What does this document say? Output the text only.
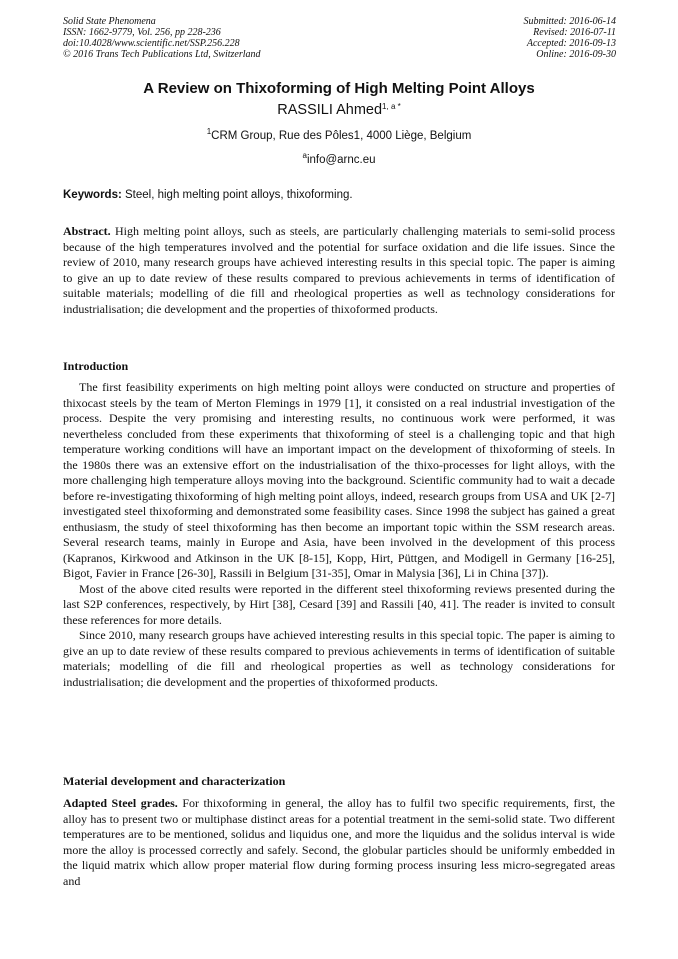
Solid State Phenomena
ISSN: 1662-9779, Vol. 256, pp 228-236
doi:10.4028/www.scientific.net/SSP.256.228
© 2016 Trans Tech Publications Ltd, Switzerland
Submitted: 2016-06-14
Revised: 2016-07-11
Accepted: 2016-09-13
Online: 2016-09-30
A Review on Thixoforming of High Melting Point Alloys
RASSILI Ahmed$^{1, a *}$
$^1$CRM Group, Rue des Pôles1, 4000 Liège, Belgium
$^a$info@arnc.eu
Keywords: Steel, high melting point alloys, thixoforming.

Abstract. High melting point alloys, such as steels, are particularly challenging materials to semi-solid process because of the high temperatures involved and the potential for surface oxidation and die life issues. Since the review of 2010, many research groups have achieved interesting results in this special topic. The paper is aiming to give an up to date review of these results compared to previous achievements in terms of identification of suitable materials; modelling of die fill and rheological properties as well as technology considerations for industrialisation; die development and the properties of thixoformed products.

Introduction

The first feasibility experiments on high melting point alloys were conducted on structure and properties of thixocast steels by the team of Merton Flemings in 1979 [1], it consisted on a real industrial investigation of the process. Despite the very promising and interesting results, no continuous work were performed, it was nevertheless concluded from these experiments that thixoforming of steel is a challenging topic and that high temperature working conditions will have an important impact on the development of thixoforming of steels. In the 1980s there was an extensive effort on the industrialisation of the thixo-processes for light alloys, with the more challenging high temperature alloys moving into the background. Scientific community had to wait a decade before re-investigating thixoforming of high melting point alloys, indeed, research groups from USA and UK [2-7] investigated steel thixoforming and demonstrated some feasibility cases. Since 1998 the subject has gained a great enthusiasm, the study of steel thixoforming has then become an important topic within the SSM research areas. Several research teams, mainly in Europe and Asia, have been involved in the development of this process (Kapranos, Kirkwood and Atkinson in the UK [8-15], Kopp, Hirt, Püttgen, and Modigell in Germany [16-25], Bigot, Favier in France [26-30], Rassili in Belgium [31-35], Omar in Malysia [36], Li in China [37]).

Most of the above cited results were reported in the different steel thixoforming reviews presented during the last S2P conferences, respectively, by Hirt [38], Cesard [39] and Rassili [40, 41]. The reader is invited to consult these references for more details.

Since 2010, many research groups have achieved interesting results in this special topic. The paper is aiming to give an up to date review of these results compared to previous achievements in terms of identification of suitable materials; modelling of die fill and rheological properties as well as technology considerations for industrialisation; die development and the properties of thixoformed products.

Material development and characterization

Adapted Steel grades. For thixoforming in general, the alloy has to fulfil two specific requirements, first, the alloy has to present two or multiphase distinct areas for a potential treatment in the semi-solid state. Two different temperatures are to be mentioned, solidus and liquidus one, and more the liquidus and the solidus interval is wide more the alloy is processed correctly and safely. Second, the globular particles should be uniformly embedded in the liquid matrix which allow proper material flow during forming process insuring less micro-segregated areas and
